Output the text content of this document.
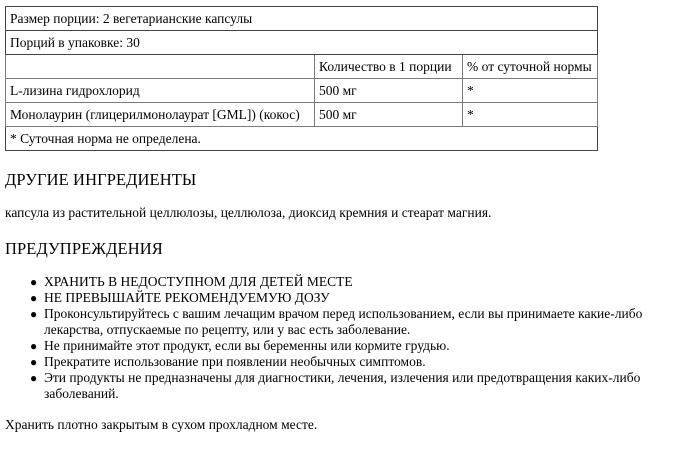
Размер порции: 2 вегетарианские капсулы		
Порций в упаковке: 30		
	Количество в 1 порции	% от суточной нормы
L-лизина гидрохлорид	500 мг	*
Монолаурин (глицерилмонолаурат [GML]) (кокос)	500 мг	*
* Суточная норма не определена.		
ДРУГИЕ ИНГРЕДИЕНТЫ
капсула из растительной целлюлозы, целлюлоза, диоксид кремния и стеарат магния.
ПРЕДУПРЕЖДЕНИЯ
● ХРАНИТЬ В НЕДОСТУПНОМ ДЛЯ ДЕТЕЙ МЕСТЕ
● НЕ ПРЕВЫШАЙТЕ РЕКОМЕНДУЕМУЮ ДОЗУ
● Проконсультируйтесь с вашим лечащим врачом перед использованием, если вы принимаете какие-либо лекарства, отпускаемые по рецепту, или у вас есть заболевание.
● Не принимайте этот продукт, если вы беременны или кормите грудью.
● Прекратите использование при появлении необычных симптомов.
● Эти продукты не предназначены для диагностики, лечения, излечения или предотвращения каких-либо заболеваний.
Хранить плотно закрытым в сухом прохладном месте.
